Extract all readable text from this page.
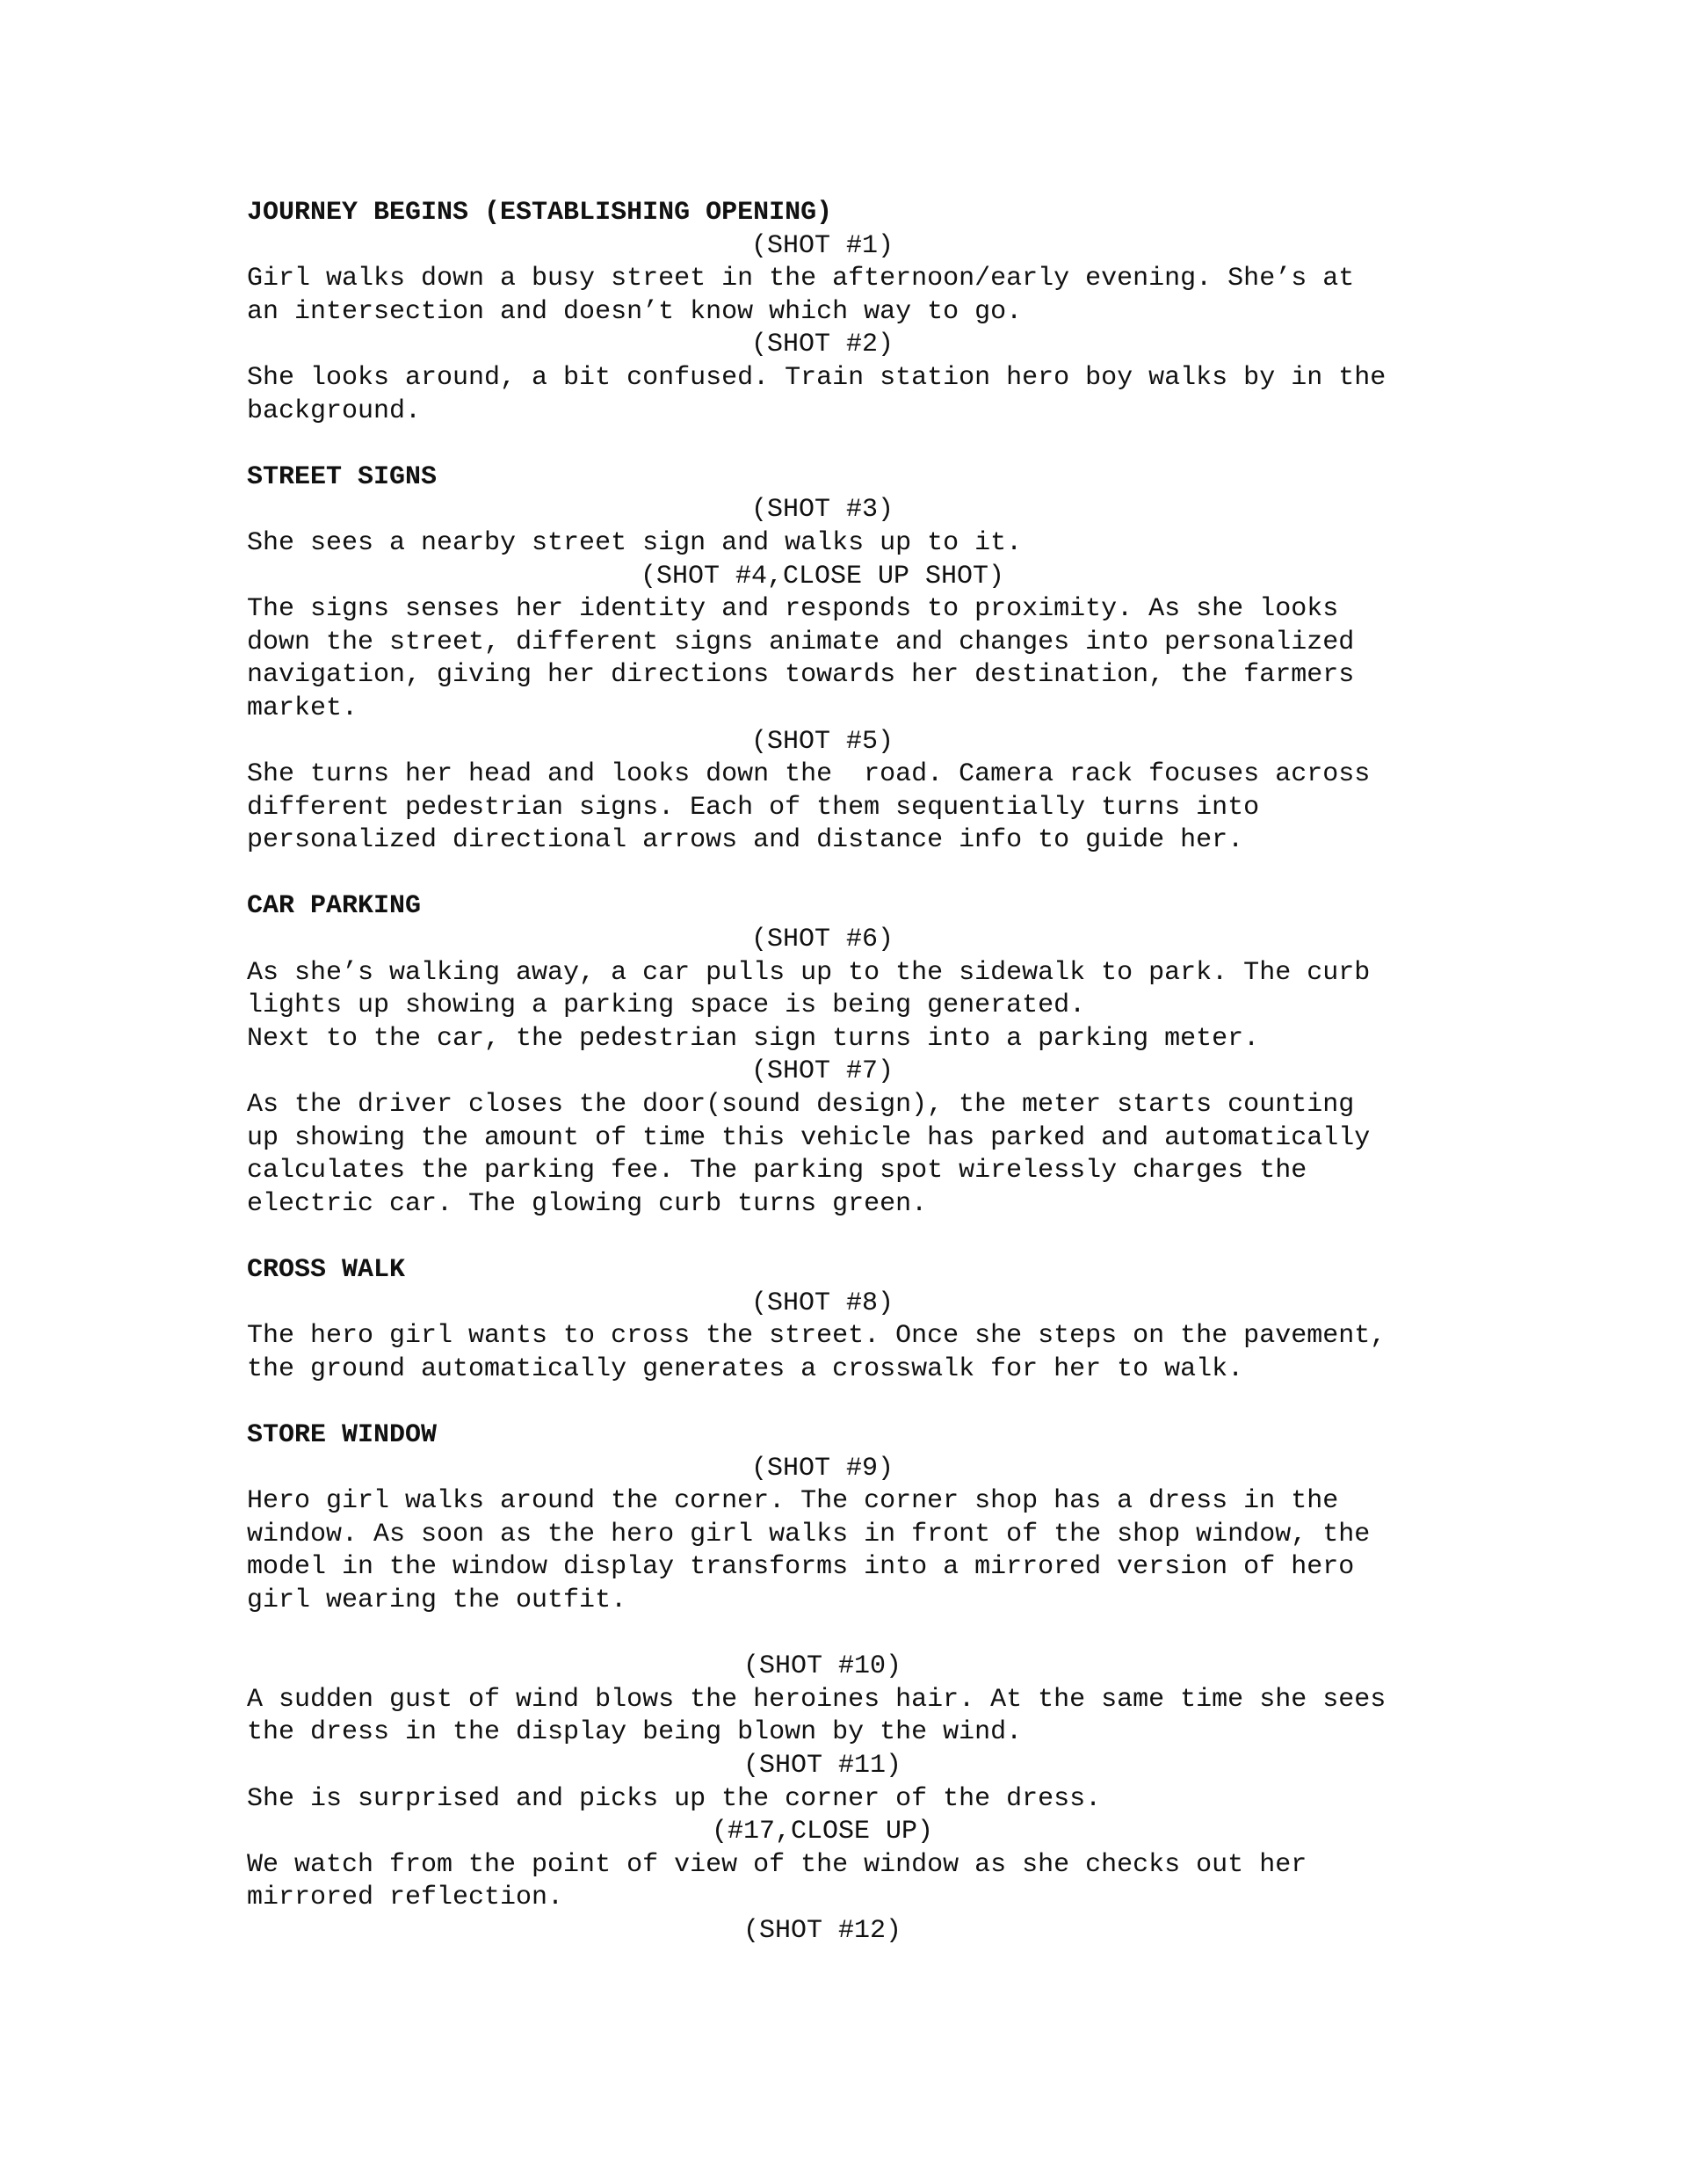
JOURNEY BEGINS (ESTABLISHING OPENING)
(SHOT #1)
Girl walks down a busy street in the afternoon/early evening. She’s at
an intersection and doesn’t know which way to go.
(SHOT #2)
She looks around, a bit confused. Train station hero boy walks by in the
background.
STREET SIGNS
(SHOT #3)
She sees a nearby street sign and walks up to it.
(SHOT #4,CLOSE UP SHOT)
The signs senses her identity and responds to proximity. As she looks
down the street, different signs animate and changes into personalized
navigation, giving her directions towards her destination, the farmers
market.
(SHOT #5)
She turns her head and looks down the  road. Camera rack focuses across
different pedestrian signs. Each of them sequentially turns into
personalized directional arrows and distance info to guide her.
CAR PARKING
(SHOT #6)
As she’s walking away, a car pulls up to the sidewalk to park. The curb
lights up showing a parking space is being generated.
Next to the car, the pedestrian sign turns into a parking meter.
(SHOT #7)
As the driver closes the door(sound design), the meter starts counting
up showing the amount of time this vehicle has parked and automatically
calculates the parking fee. The parking spot wirelessly charges the
electric car. The glowing curb turns green.
CROSS WALK
(SHOT #8)
The hero girl wants to cross the street. Once she steps on the pavement,
the ground automatically generates a crosswalk for her to walk.
STORE WINDOW
(SHOT #9)
Hero girl walks around the corner. The corner shop has a dress in the
window. As soon as the hero girl walks in front of the shop window, the
model in the window display transforms into a mirrored version of hero
girl wearing the outfit.
(SHOT #10)
A sudden gust of wind blows the heroines hair. At the same time she sees
the dress in the display being blown by the wind.
(SHOT #11)
She is surprised and picks up the corner of the dress.
(#17,CLOSE UP)
We watch from the point of view of the window as she checks out her
mirrored reflection.
(SHOT #12)
